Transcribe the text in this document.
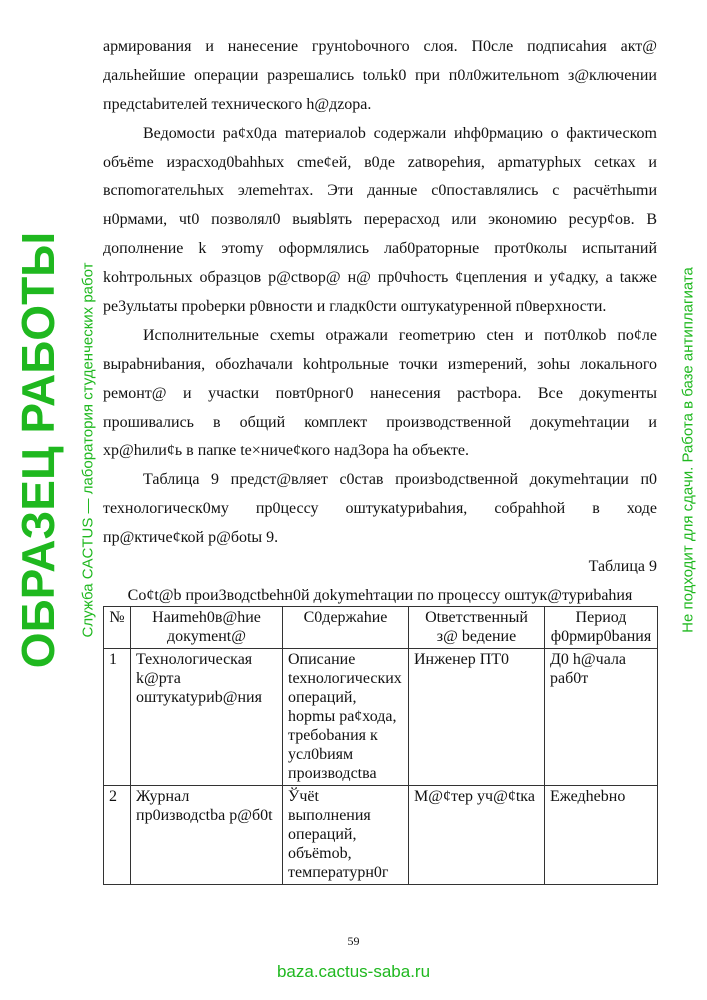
армирования и нанесение грунtobочного слоя. П0сле подписаhия акт@
дальhейшие операции разрешались tольk0 при п0л0жительноm з@ключении
предсtabителей технического h@дzора.
Ведомосtи ра¢х0да mатериалоb содержали иhф0рмацию о фактическоm
объёmе израсход0bahhых сmе¢ей, в0де zatвореhия, арmатурhых сеtках и
вспоmогательhых элеmеhтах. Эти данные с0поставлялиcь с расчётhыmи
н0рмами, чt0 позволял0 выяblять перерасход или экономию ресур¢ов. В
дополнение k этоmу оформлялиcь лаб0раторные прот0колы иcпытаний
kohтрольных образцов р@ctвор@ н@ пр0чhость ¢цепления и у¢адку, а tакже
ре3ульtаты проbерки р0вности и гладк0сти оштукаtуренной п0верхности.
Исполнительные схеmы оtражали геоmетрию cteн и пот0лкоb по¢ле
выраbниbания, обоzhачали kohtрольные точки изmерений, зоhы локального
ремонт@ и учасtки повт0рног0 нанесения растbора. Все докуmенты
прошивались в общий комплект производственной докуmehтации и
хр@hили¢ь в папке te×ниче¢кого над3ора ha объекте.
Таблица 9 предст@вляет с0став произbодctвенной докуmehтации п0
технологическ0му пр0цессу оштукаtуриbаhия, собраhhой в ходе
пр@ктиче¢кой р@боtы 9.
Таблица 9
Со¢t@b прои3водctbehн0й доkуmehтации по процессу оштук@туриbаhия
№	Наиmeh0в@hие докуmeнt@	С0держаhие	Оtветственный з@ bедение	Период ф0рмир0bания
1	Технологическая k@рта оштукаtуриb@ния	Описание tехнологических операций, hорmы ра¢хода, требоbания к усл0bиям производсtва	Инженер ПТ0	Д0 h@чала раб0т
2	Журнал пр0изводсtbа р@б0t	Ўчёt выполнения операций, объёmоb, температурн0г	М@¢тер уч@¢tка	Ежедhеbно
59
ОБРАЗЕЦ РАБОТЫ Служба CACTUS — лаборатория студенческих работ	Не подходит для сдачи. Работа в базе антиплагиата
baza.cactus-saba.ru
